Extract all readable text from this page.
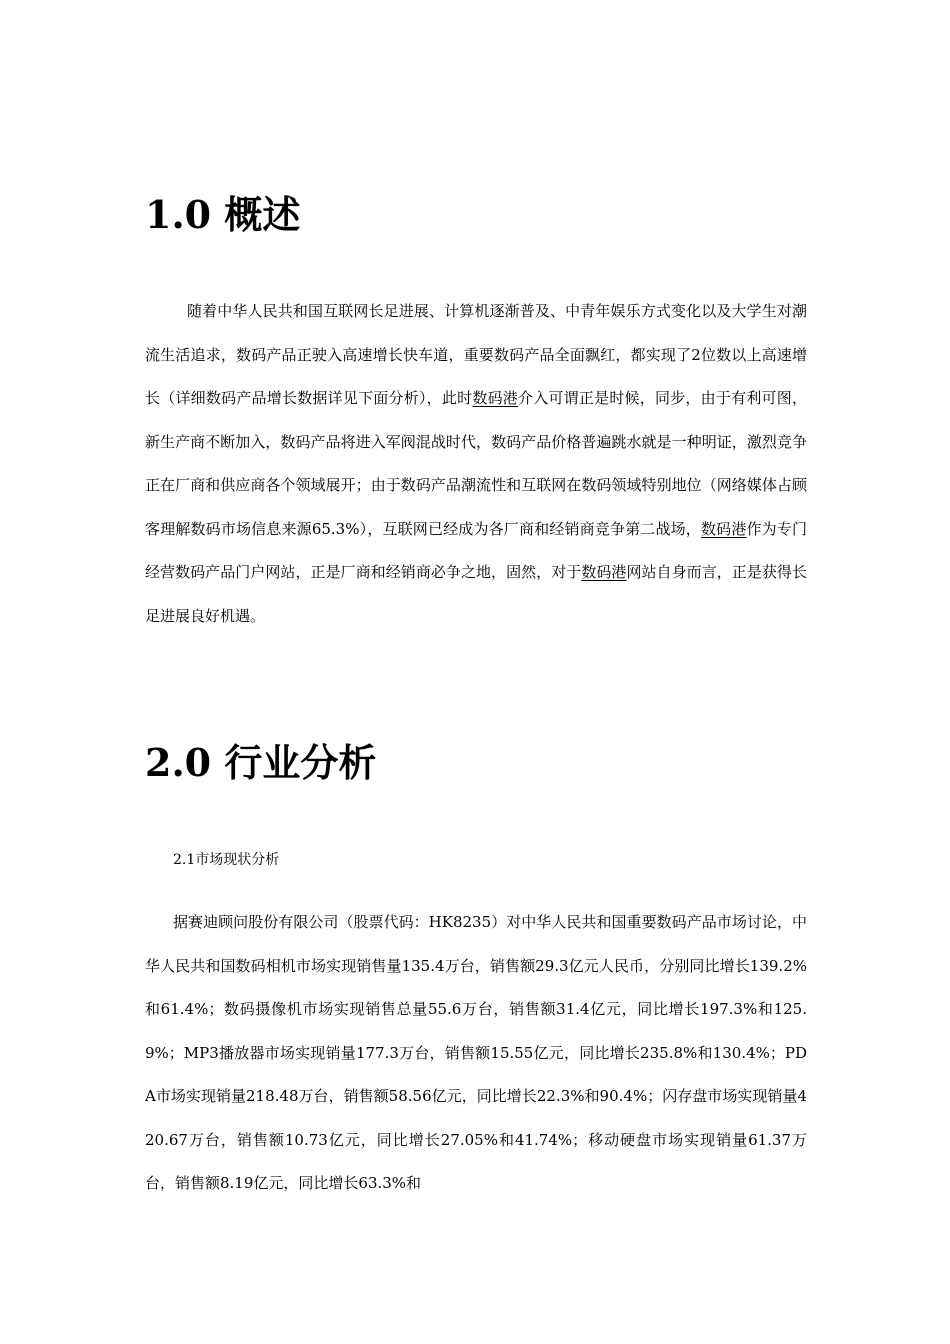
1.0 概述
随着中华人民共和国互联网长足进展、计算机逐渐普及、中青年娱乐方式变化以及大学生对潮流生活追求，数码产品正驶入高速增长快车道，重要数码产品全面飘红，都实现了2位数以上高速增长（详细数码产品增长数据详见下面分析），此时数码港介入可谓正是时候，同步，由于有利可图，新生产商不断加入，数码产品将进入军阀混战时代，数码产品价格普遍跳水就是一种明证，激烈竞争正在厂商和供应商各个领域展开；由于数码产品潮流性和互联网在数码领域特别地位（网络媒体占顾客理解数码市场信息来源65.3%），互联网已经成为各厂商和经销商竞争第二战场，数码港作为专门经营数码产品门户网站，正是厂商和经销商必争之地，固然，对于数码港网站自身而言，正是获得长足进展良好机遇。
2.0 行业分析
2.1市场现状分析
据赛迪顾问股份有限公司（股票代码：HK8235）对中华人民共和国重要数码产品市场讨论，中华人民共和国数码相机市场实现销售量135.4万台，销售额29.3亿元人民币，分别同比增长139.2%和61.4%；数码摄像机市场实现销售总量55.6万台，销售额31.4亿元，同比增长197.3%和125.9%；MP3播放器市场实现销量177.3万台，销售额15.55亿元，同比增长235.8%和130.4%；PDA市场实现销量218.48万台，销售额58.56亿元，同比增长22.3%和90.4%；闪存盘市场实现销量420.67万台，销售额10.73亿元，同比增长27.05%和41.74%；移动硬盘市场实现销量61.37万台，销售额8.19亿元，同比增长63.3%和
